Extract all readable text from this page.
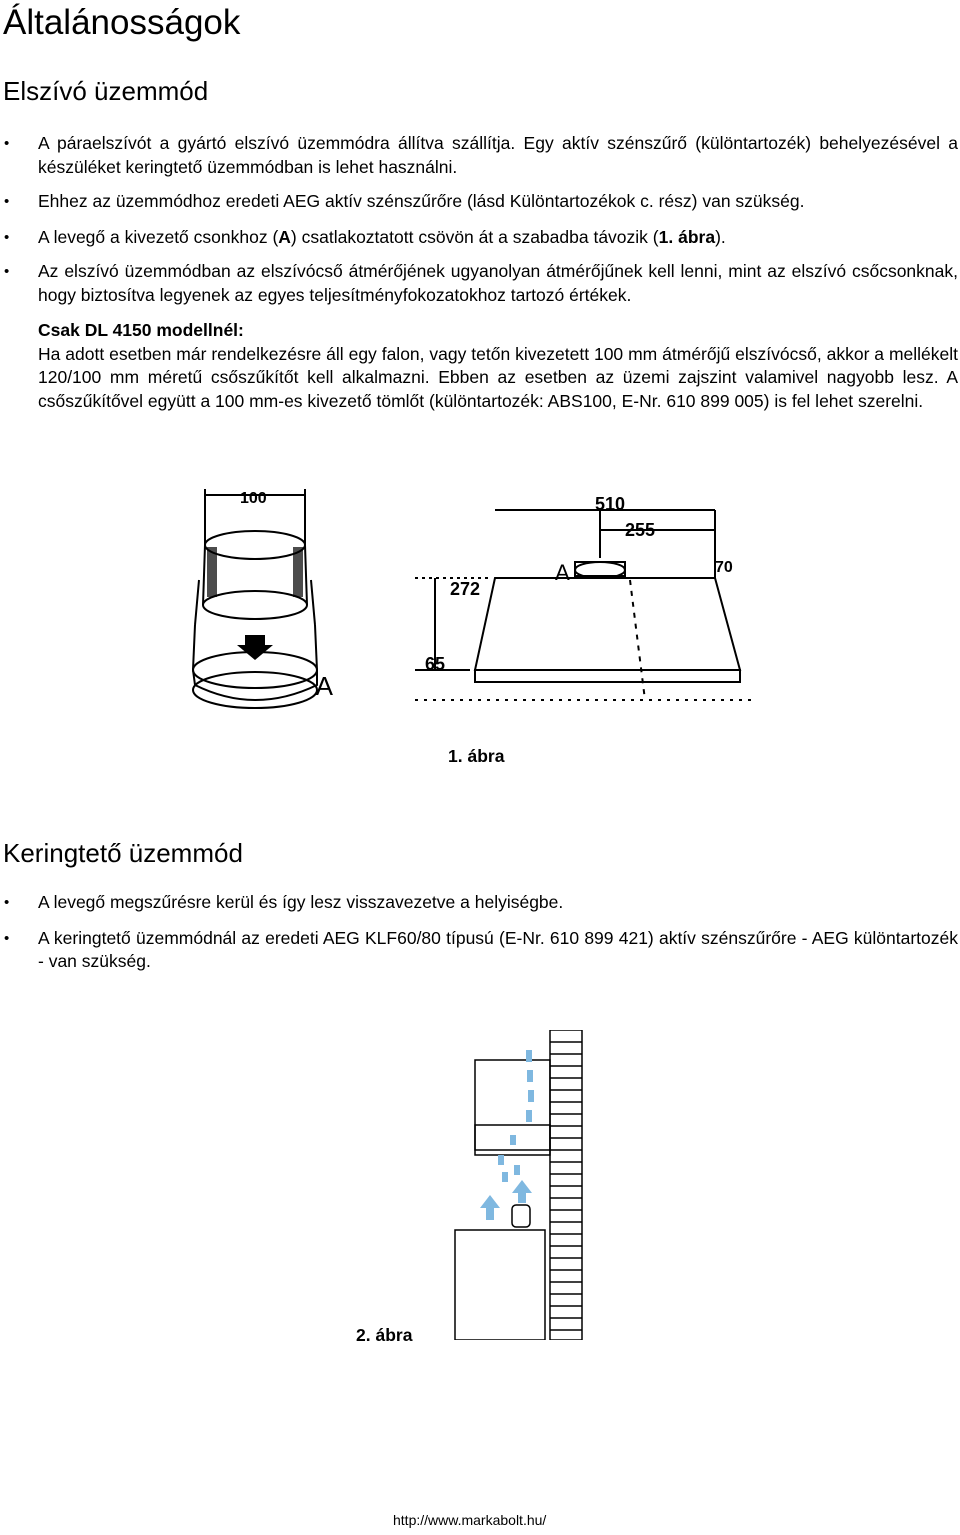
Általánosságok
Elszívó üzemmód
• A páraelszívót a gyártó elszívó üzemmódra állítva szállítja. Egy aktív szénszűrő (különtartozék) behelyezésével a készüléket keringtető üzemmódban is lehet használni.
• Ehhez az üzemmódhoz eredeti AEG aktív szénszűrőre (lásd Különtartozékok c. rész) van szükség.
• A levegő a kivezető csonkhoz (A) csatlakoztatott csövön át a szabadba távozik (1. ábra).
• Az elszívó üzemmódban az elszívócső átmérőjének ugyanolyan átmérőjűnek kell lenni, mint az elszívó csőcsonknak, hogy biztosítva legyenek az egyes teljesítményfokozatokhoz tartozó értékek.
Csak DL 4150 modellnél:
Ha adott esetben már rendelkezésre áll egy falon, vagy tetőn kivezetett 100 mm átmérőjű elszívócső, akkor a mellékelt 120/100 mm méretű csőszűkítőt kell alkalmazni. Ebben az esetben az üzemi zajszint valamivel nagyobb lesz. A csőszűkítővel együtt a 100 mm-es kivezető tömlőt (különtartozék: ABS100, E-Nr. 610 899 005) is fel lehet szerelni.
100
A
510
255
70
272
65
A
1. ábra
Keringtető üzemmód
• A levegő megszűrésre kerül és így lesz visszavezetve a helyiségbe.
• A keringtető üzemmódnál az eredeti AEG KLF60/80 típusú (E-Nr. 610 899 421) aktív szénszűrőre - AEG különtartozék - van szükség.
2. ábra
http://www.markabolt.hu/
